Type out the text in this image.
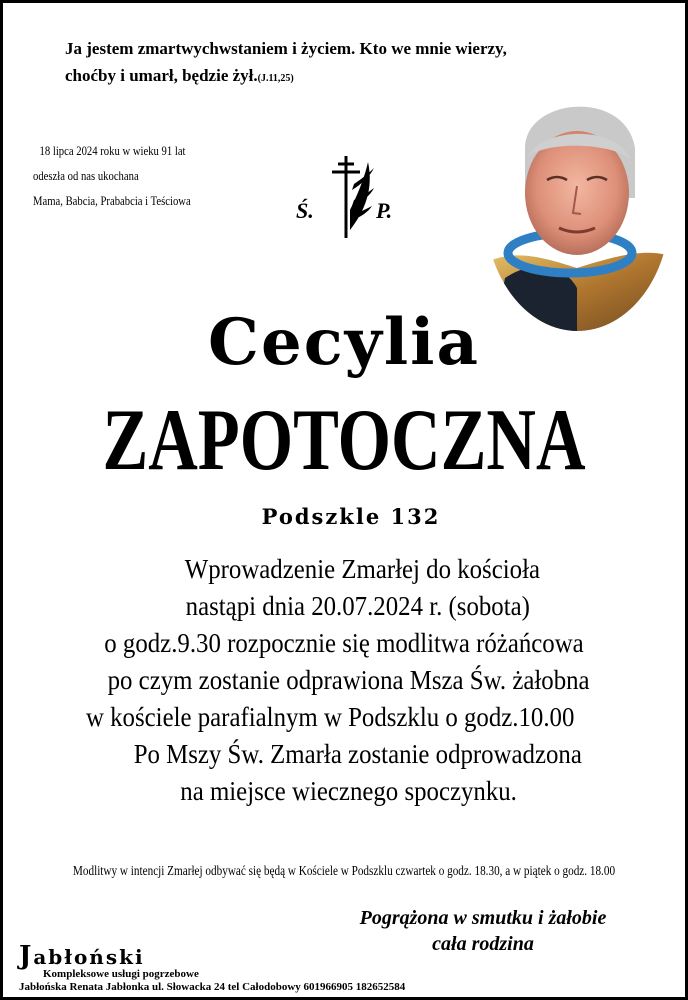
Ja jestem zmartwychwstaniem i życiem. Kto we mnie wierzy,
choćby i umarł, będzie żył.(J.11,25)
18 lipca 2024 roku w wieku 91 lat
odeszła od nas ukochana
Mama, Babcia, Prababcia i Teściowa	Ś.	P.
Cecylia
ZAPOTOCZNA
Podszkle 132
Wprowadzenie Zmarłej do kościoła
nastąpi dnia 20.07.2024 r. (sobota)
o godz.9.30 rozpocznie się modlitwa różańcowa
po czym zostanie odprawiona Msza Św. żałobna
w kościele parafialnym w Podszklu o godz.10.00
Po Mszy Św. Zmarła zostanie odprowadzona
na miejsce wiecznego spoczynku.
Modlitwy w intencji Zmarłej odbywać się będą w Kościele w Podszklu czwartek o godz. 18.30, a w piątek o godz. 18.00
Pogrążona w smutku i żałobie
cała rodzina
Jabłoński
Kompleksowe usługi pogrzebowe
Jabłońska Renata Jabłonka ul. Słowacka 24 tel Całodobowy 601966905 182652584
